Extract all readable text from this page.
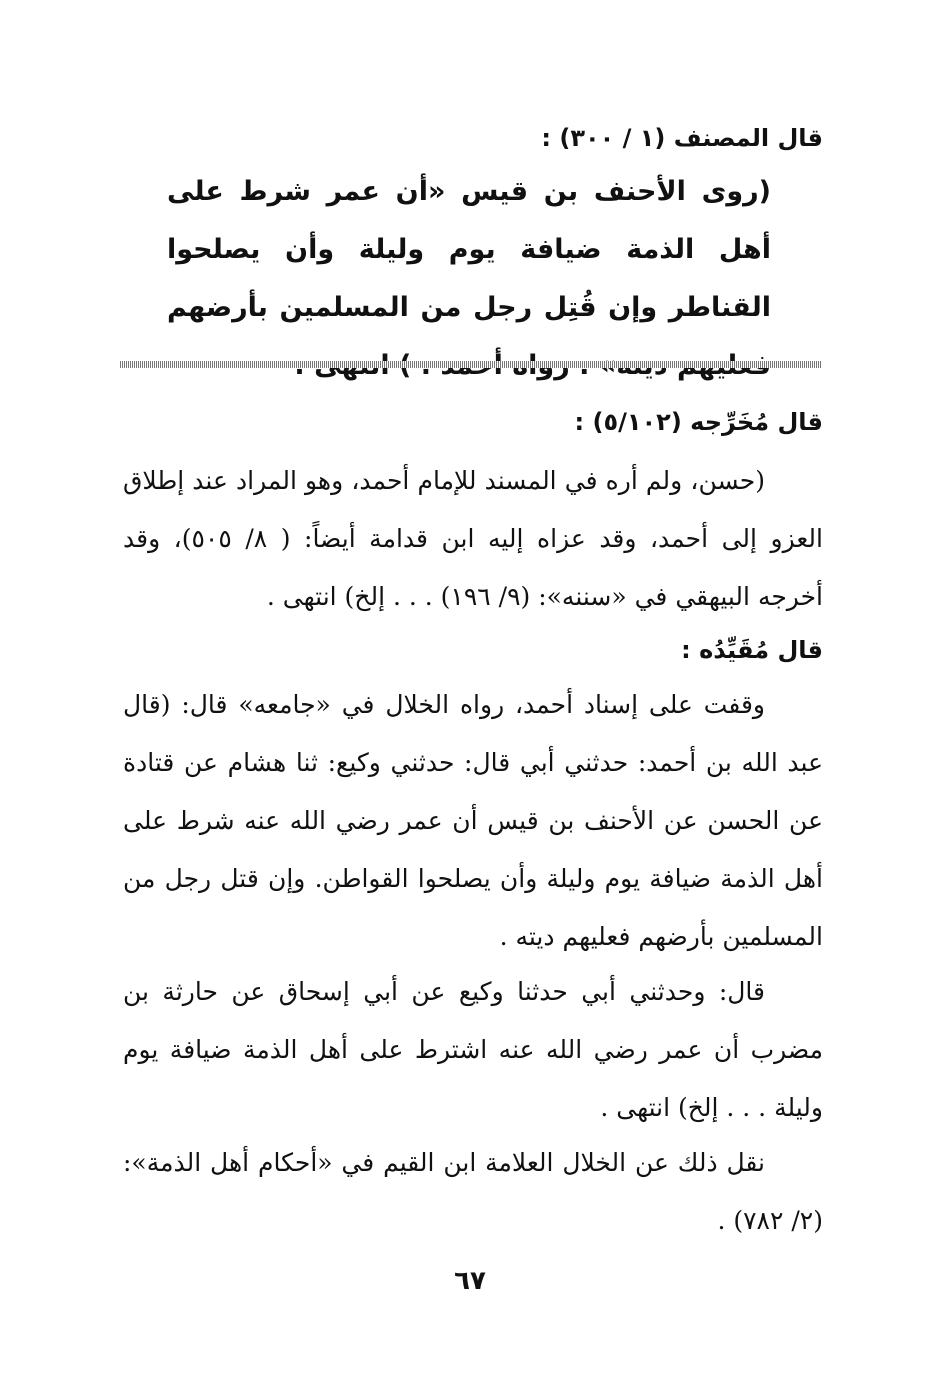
قال المصنف (١ / ٣٠٠) :
(روى الأحنف بن قيس «أن عمر شرط على أهل الذمة ضيافة يوم وليلة وأن يصلحوا القناطر وإن قُتِل رجل من المسلمين بأرضهم
قال مُخَرِّجه (٥/١٠٢) :
(حسن، ولم أره في المسند للإمام أحمد، وهو المراد عند إطلاق العزو إلى أحمد، وقد عزاه إليه ابن قدامة أيضاً: ( ٨/ ٥٠٥)، وقد أخرجه البيهقي في «سننه»: (٩/ ١٩٦) . . . إلخ) انتهى .
قال مُقَيِّدُه :
وقفت على إسناد أحمد، رواه الخلال في «جامعه» قال: (قال عبد الله بن أحمد: حدثني أبي قال: حدثني وكيع: ثنا هشام عن قتادة عن الحسن عن الأحنف بن قيس أن عمر رضي الله عنه شرط على أهل الذمة ضيافة يوم وليلة وأن يصلحوا القواطن. وإن قتل رجل من المسلمين بأرضهم فعليهم ديته .
قال: وحدثني أبي حدثنا وكيع عن أبي إسحاق عن حارثة بن مضرب أن عمر رضي الله عنه اشترط على أهل الذمة ضيافة يوم وليلة . . . إلخ) انتهى .
نقل ذلك عن الخلال العلامة ابن القيم في «أحكام أهل الذمة»: (٢/ ٧٨٢) .
٦٧
